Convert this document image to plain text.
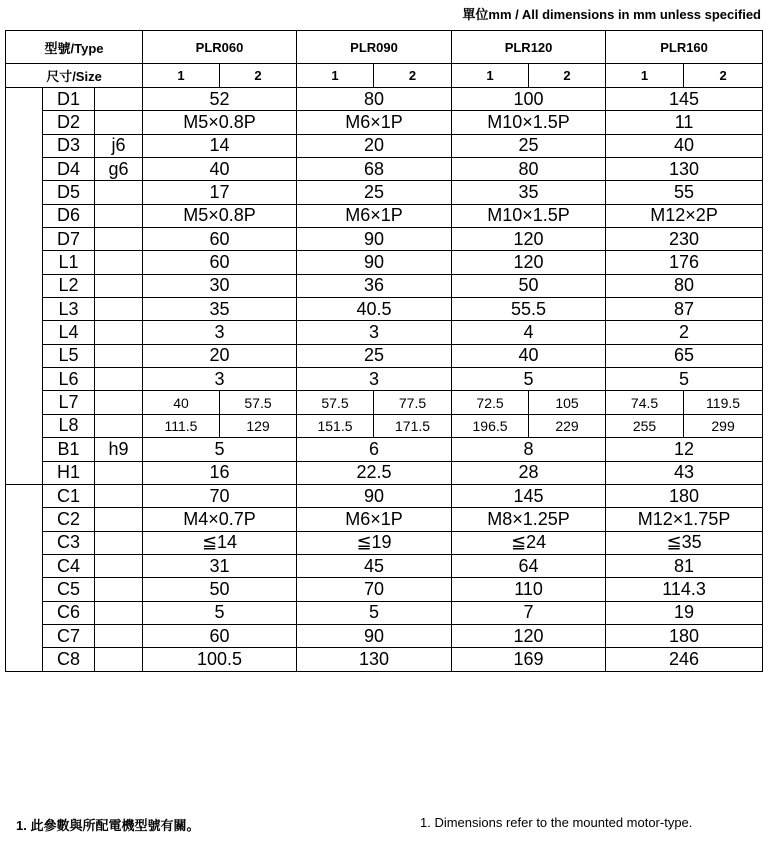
單位mm / All dimensions in mm unless specified
型號/Type			PLR060		PLR090		PLR120		PLR160	
尺寸/Size			1	2	1	2	1	2	1	2
	D1		52		80		100		145	
	D2		M5×0.8P		M6×1P		M10×1.5P		11	
	D3	j6	14		20		25		40	
	D4	g6	40		68		80		130	
	D5		17		25		35		55	
	D6		M5×0.8P		M6×1P		M10×1.5P		M12×2P	
	D7		60		90		120		230	
	L1		60		90		120		176	
	L2		30		36		50		80	
	L3		35		40.5		55.5		87	
	L4		3		3		4		2	
	L5		20		25		40		65	
	L6		3		3		5		5	
	L7		40	57.5	57.5	77.5	72.5	105	74.5	119.5
	L8		111.5	129	151.5	171.5	196.5	229	255	299
	B1	h9	5		6		8		12	
	H1		16		22.5		28		43	
	C1		70		90		145		180	
	C2		M4×0.7P		M6×1P		M8×1.25P		M12×1.75P	
	C3		≦14		≦19		≦24		≦35	
	C4		31		45		64		81	
	C5		50		70		110		114.3	
	C6		5		5		7		19	
	C7		60		90		120		180	
	C8		100.5		130		169		246	
1. 此參數與所配電機型號有關。	1. Dimensions refer to the mounted motor-type.
